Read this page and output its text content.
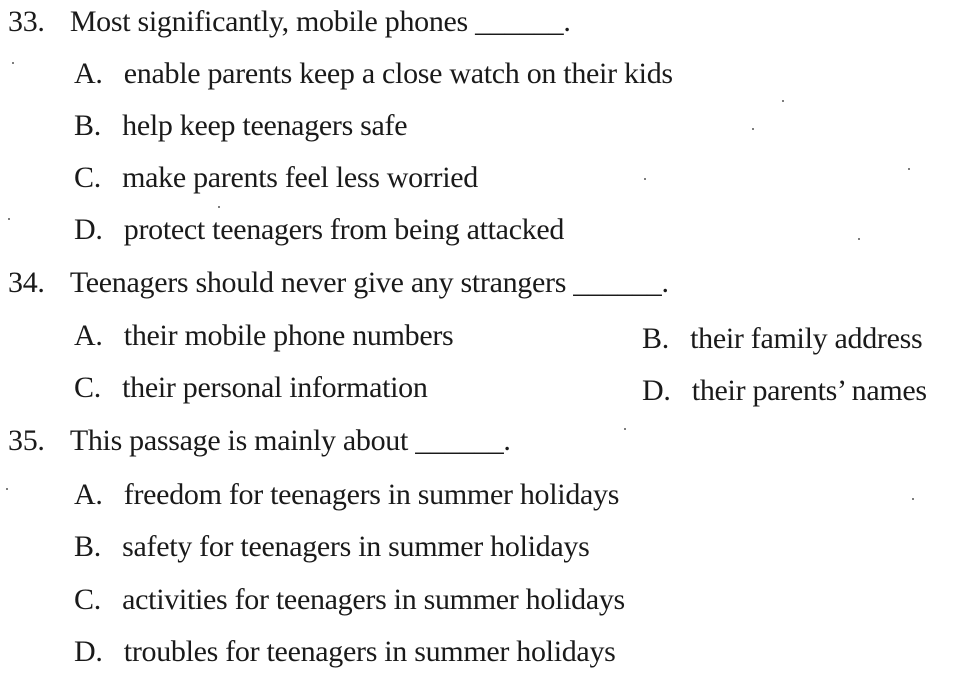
33. Most significantly, mobile phones ______.
A. enable parents keep a close watch on their kids
B. help keep teenagers safe
C. make parents feel less worried
D. protect teenagers from being attacked
34. Teenagers should never give any strangers ______.
A. their mobile phone numbers	B. their family address
C. their personal information	D. their parents’ names
35. This passage is mainly about ______.
A. freedom for teenagers in summer holidays
B. safety for teenagers in summer holidays
C. activities for teenagers in summer holidays
D. troubles for teenagers in summer holidays
